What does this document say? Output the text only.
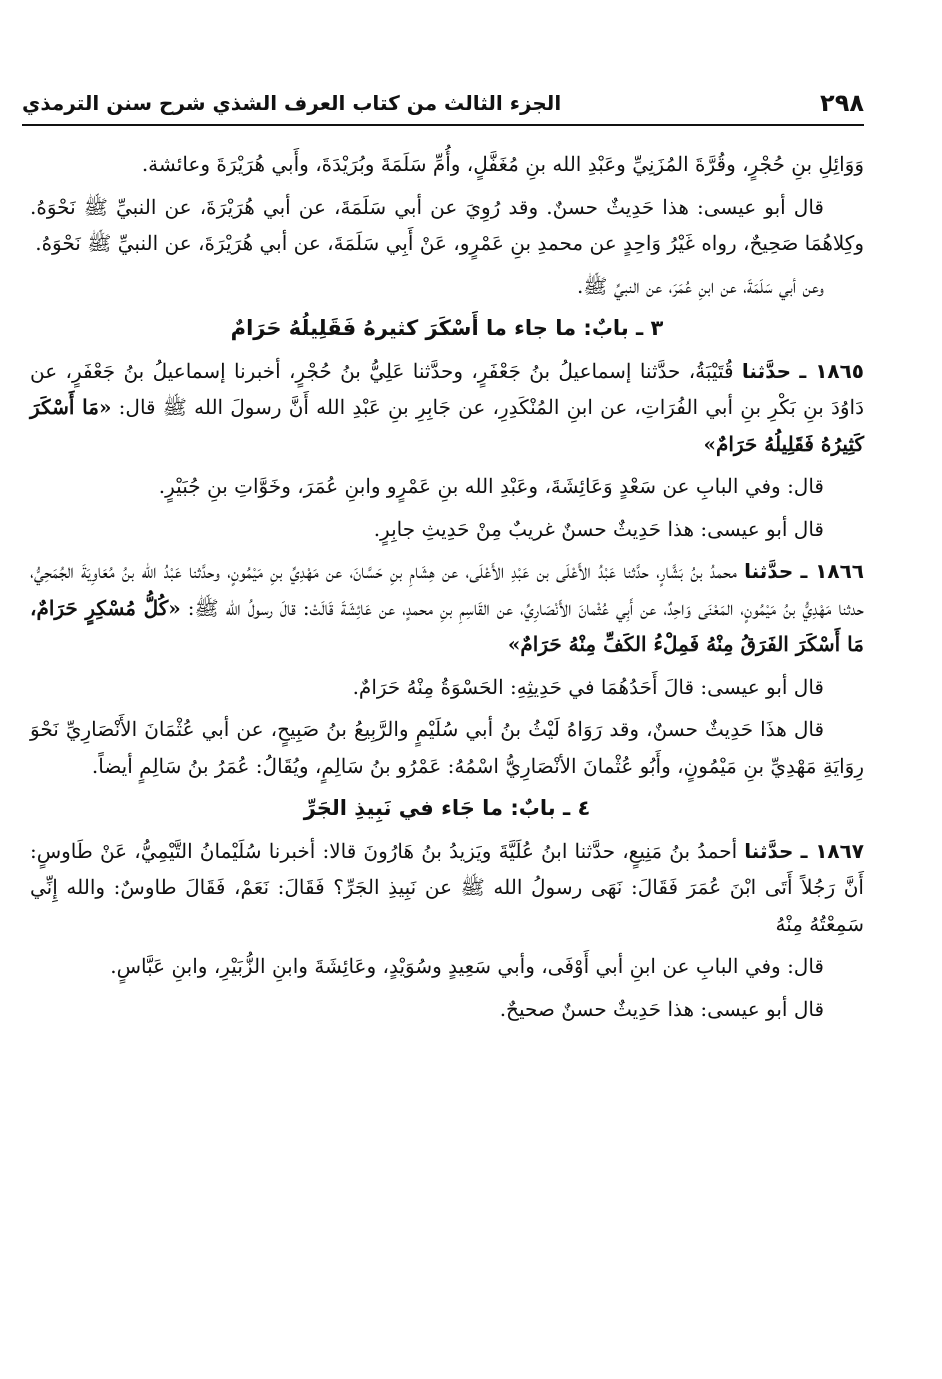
٢٩٨
الجزء الثالث من كتاب العرف الشذي شرح سنن الترمذي

وَوَائِلِ بنِ حُجْرٍ، وقُرَّةَ المُزَنِيِّ وعَبْدِ الله بنِ مُغَفَّلٍ، وأُمِّ سَلَمَةَ وبُرَيْدَةَ، وأَبي هُرَيْرَةَ وعائشة.

قال أبو عيسى: هذا حَدِيثٌ حسنٌ. وقد رُوِيَ عن أبي سَلَمَةَ، عن أبي هُرَيْرَةَ، عن النبيِّ ﷺ نَحْوَهُ. وكِلاهُمَا صَحِيحٌ، رواه غَيْرُ وَاحِدٍ عن محمدِ بنِ عَمْرٍو، عَنْ أَبِي سَلَمَةَ، عن أبي هُرَيْرَةَ، عن النبيِّ ﷺ نَحْوَهُ.

وعن أبي سَلَمَةَ، عن ابنِ عُمَرَ، عن النبيِّ ﷺ.

٣ ـ بابٌ: ما جاء ما أَسْكَرَ كثيرهُ فَقَلِيلُهُ حَرَامٌ

١٨٦٥ ـ حدَّثنا قُتَيْبَةُ، حدَّثنا إسماعيلُ بنُ جَعْفَرٍ، وحدَّثنا عَلِيُّ بنُ حُجْرٍ، أخبرنا إسماعيلُ بنُ جَعْفَرٍ، عن دَاوُدَ بنِ بَكْرِ بنِ أبي الفُرَاتِ، عن ابنِ المُنْكَدِرِ، عن جَابِرِ بنِ عَبْدِ الله أَنَّ رسولَ الله ﷺ قال: «مَا أَسْكَرَ كَثِيرُهُ فَقَلِيلُهُ حَرَامٌ»

قال: وفي البابِ عن سَعْدٍ وَعَائِشَةَ، وعَبْدِ الله بنِ عَمْرٍو وابنِ عُمَرَ، وخَوَّاتِ بنِ جُبَيْرٍ.

قال أبو عيسى: هذا حَدِيثٌ حسنٌ غريبٌ مِنْ حَدِيثِ جابِرٍ.

١٨٦٦ ـ حدَّثنا محمدُ بنُ بَشَّارٍ، حدَّثنا عَبْدُ الأَعْلَى بن عَبْدِ الأَعْلَى، عن هِشَامِ بنِ حَسَّانَ، عن مَهْدِيِّ بنِ مَيْمُونٍ، وحدَّثنا عَبْدُ الله بنُ مُعَاوِيَةَ الجُمَحِيُّ، حدثنا مَهْدِيُّ بنُ مَيْمُونٍ، المَعْنَى وَاحِدٌ، عن أَبِي عُثْمانَ الأَنْصَارِيِّ، عن القَاسِمِ بنِ محمدٍ، عن عَائِشَةَ قَالَتْ: قالَ رسولُ الله ﷺ: «كُلُّ مُسْكِرٍ حَرَامٌ، مَا أَسْكَرَ الفَرَقُ مِنْهُ فَمِلْءُ الكَفِّ مِنْهُ حَرَامٌ»

قال أبو عيسى: قالَ أَحَدُهُمَا في حَدِيثِهِ: الحَسْوَةُ مِنْهُ حَرَامٌ.

قال هذَا حَدِيثٌ حسنٌ، وقد رَوَاهُ لَيْثُ بنُ أبي سُلَيْمٍ والرَّبِيعُ بنُ صَبِيحٍ، عن أبي عُثْمَانَ الأَنْصَارِيِّ نَحْوَ رِوَايَةِ مَهْدِيِّ بنِ مَيْمُونٍ، وأَبُو عُثْمانَ الأنْصَارِيُّ اسْمُهُ: عَمْرُو بنُ سَالِمٍ، ويُقَالُ: عُمَرُ بنُ سَالِمٍ أيضاً.

٤ ـ بابٌ: ما جَاء في نَبِيذِ الجَرِّ

١٨٦٧ ـ حدَّثنا أحمدُ بنُ مَنِيعٍ، حدَّثنا ابنُ عُلَيَّةَ ويَزيدُ بنُ هَارُونَ قالا: أخبرنا سُلَيْمانُ التَّيْمِيُّ، عَنْ طَاوسٍ: أَنَّ رَجُلاً أَتَى ابْنَ عُمَرَ فَقَالَ: نَهَى رسولُ الله ﷺ عن نَبِيذِ الجَرِّ؟ فَقَالَ: نَعَمْ، فَقَالَ طاوسٌ: والله إِنِّي سَمِعْتُهُ مِنْهُ

قال: وفي البابِ عن ابنِ أبي أَوْفَى، وأبي سَعِيدٍ وسُوَيْدٍ، وعَائِشَةَ وابنِ الزُّبَيْرِ، وابنِ عَبَّاسٍ.

قال أبو عيسى: هذا حَدِيثٌ حسنٌ صحيحٌ.
